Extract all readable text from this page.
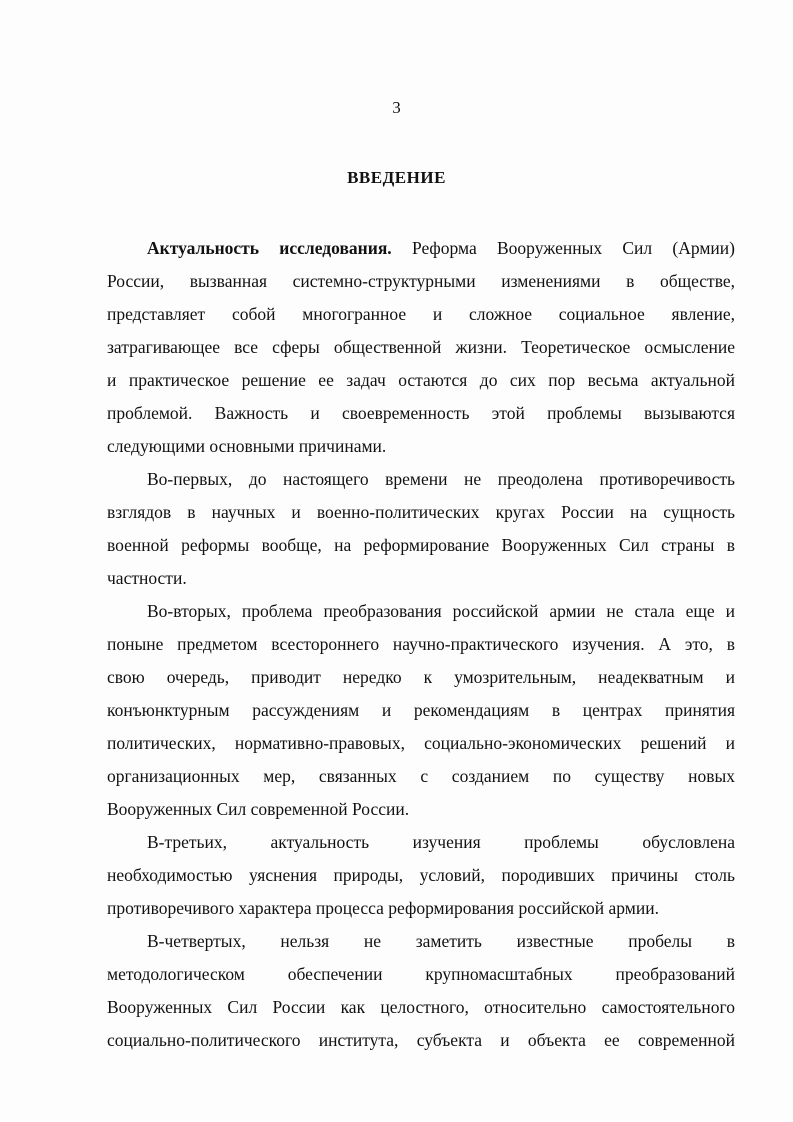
3
ВВЕДЕНИЕ
Актуальность исследования. Реформа Вооруженных Сил (Армии)
России, вызванная системно-структурными изменениями в обществе,
представляет собой многогранное и сложное социальное явление,
затрагивающее все сферы общественной жизни. Теоретическое осмысление
и практическое решение ее задач остаются до сих пор весьма актуальной
проблемой. Важность и своевременность этой проблемы вызываются
следующими основными причинами.
Во-первых, до настоящего времени не преодолена противоречивость
взглядов в научных и военно-политических кругах России на сущность
военной реформы вообще, на реформирование Вооруженных Сил страны в
частности.
Во-вторых, проблема преобразования российской армии не стала еще и
поныне предметом всестороннего научно-практического изучения. А это, в
свою очередь, приводит нередко к умозрительным, неадекватным и
конъюнктурным рассуждениям и рекомендациям в центрах принятия
политических, нормативно-правовых, социально-экономических решений и
организационных мер, связанных с созданием по существу новых
Вооруженных Сил современной России.
В-третьих, актуальность изучения проблемы обусловлена
необходимостью уяснения природы, условий, породивших причины столь
противоречивого характера процесса реформирования российской армии.
В-четвертых, нельзя не заметить известные пробелы в
методологическом обеспечении крупномасштабных преобразований
Вооруженных Сил России как целостного, относительно самостоятельного
социально-политического института, субъекта и объекта ее современной
